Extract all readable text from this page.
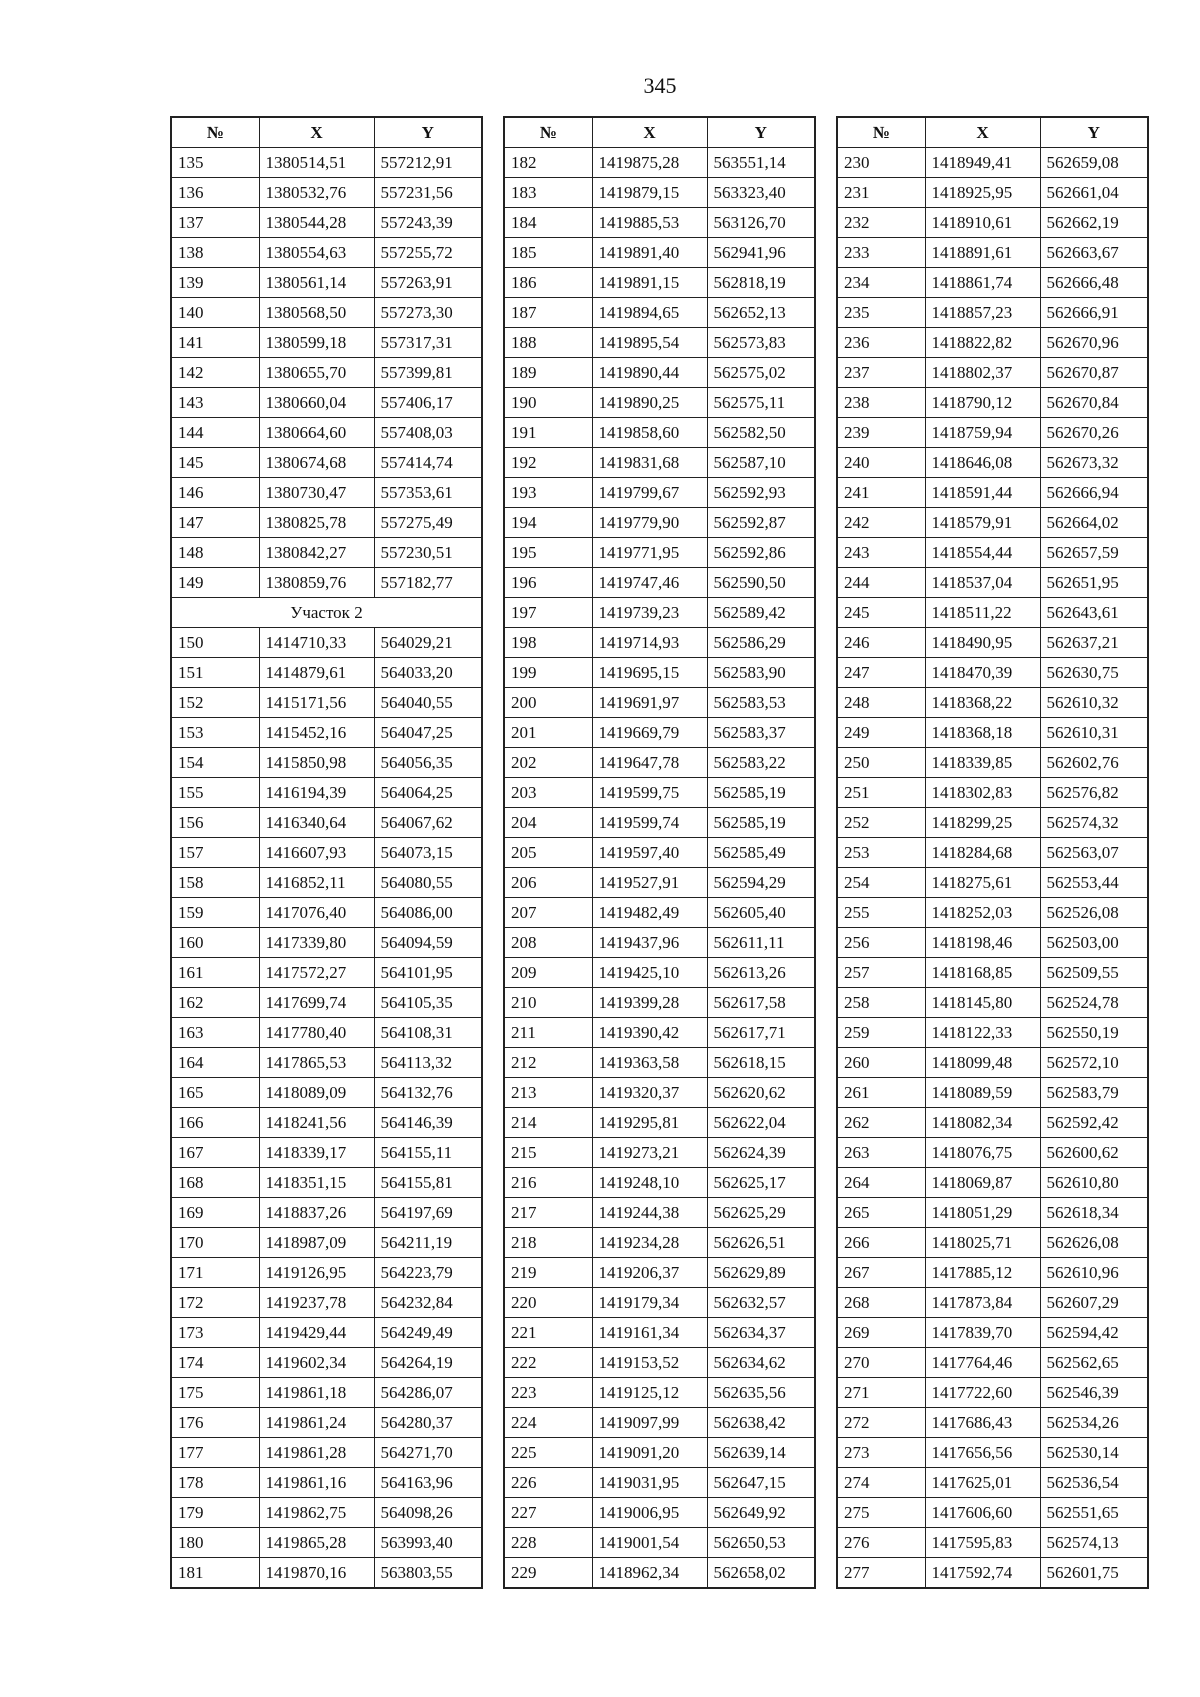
345
№	X	Y
135	1380514,51	557212,91
136	1380532,76	557231,56
137	1380544,28	557243,39
138	1380554,63	557255,72
139	1380561,14	557263,91
140	1380568,50	557273,30
141	1380599,18	557317,31
142	1380655,70	557399,81
143	1380660,04	557406,17
144	1380664,60	557408,03
145	1380674,68	557414,74
146	1380730,47	557353,61
147	1380825,78	557275,49
148	1380842,27	557230,51
149	1380859,76	557182,77
Участок 2		
150	1414710,33	564029,21
151	1414879,61	564033,20
152	1415171,56	564040,55
153	1415452,16	564047,25
154	1415850,98	564056,35
155	1416194,39	564064,25
156	1416340,64	564067,62
157	1416607,93	564073,15
158	1416852,11	564080,55
159	1417076,40	564086,00
160	1417339,80	564094,59
161	1417572,27	564101,95
162	1417699,74	564105,35
163	1417780,40	564108,31
164	1417865,53	564113,32
165	1418089,09	564132,76
166	1418241,56	564146,39
167	1418339,17	564155,11
168	1418351,15	564155,81
169	1418837,26	564197,69
170	1418987,09	564211,19
171	1419126,95	564223,79
172	1419237,78	564232,84
173	1419429,44	564249,49
174	1419602,34	564264,19
175	1419861,18	564286,07
176	1419861,24	564280,37
177	1419861,28	564271,70
178	1419861,16	564163,96
179	1419862,75	564098,26
180	1419865,28	563993,40
181	1419870,16	563803,55
№	X	Y
182	1419875,28	563551,14
183	1419879,15	563323,40
184	1419885,53	563126,70
185	1419891,40	562941,96
186	1419891,15	562818,19
187	1419894,65	562652,13
188	1419895,54	562573,83
189	1419890,44	562575,02
190	1419890,25	562575,11
191	1419858,60	562582,50
192	1419831,68	562587,10
193	1419799,67	562592,93
194	1419779,90	562592,87
195	1419771,95	562592,86
196	1419747,46	562590,50
197	1419739,23	562589,42
198	1419714,93	562586,29
199	1419695,15	562583,90
200	1419691,97	562583,53
201	1419669,79	562583,37
202	1419647,78	562583,22
203	1419599,75	562585,19
204	1419599,74	562585,19
205	1419597,40	562585,49
206	1419527,91	562594,29
207	1419482,49	562605,40
208	1419437,96	562611,11
209	1419425,10	562613,26
210	1419399,28	562617,58
211	1419390,42	562617,71
212	1419363,58	562618,15
213	1419320,37	562620,62
214	1419295,81	562622,04
215	1419273,21	562624,39
216	1419248,10	562625,17
217	1419244,38	562625,29
218	1419234,28	562626,51
219	1419206,37	562629,89
220	1419179,34	562632,57
221	1419161,34	562634,37
222	1419153,52	562634,62
223	1419125,12	562635,56
224	1419097,99	562638,42
225	1419091,20	562639,14
226	1419031,95	562647,15
227	1419006,95	562649,92
228	1419001,54	562650,53
229	1418962,34	562658,02
№	X	Y
230	1418949,41	562659,08
231	1418925,95	562661,04
232	1418910,61	562662,19
233	1418891,61	562663,67
234	1418861,74	562666,48
235	1418857,23	562666,91
236	1418822,82	562670,96
237	1418802,37	562670,87
238	1418790,12	562670,84
239	1418759,94	562670,26
240	1418646,08	562673,32
241	1418591,44	562666,94
242	1418579,91	562664,02
243	1418554,44	562657,59
244	1418537,04	562651,95
245	1418511,22	562643,61
246	1418490,95	562637,21
247	1418470,39	562630,75
248	1418368,22	562610,32
249	1418368,18	562610,31
250	1418339,85	562602,76
251	1418302,83	562576,82
252	1418299,25	562574,32
253	1418284,68	562563,07
254	1418275,61	562553,44
255	1418252,03	562526,08
256	1418198,46	562503,00
257	1418168,85	562509,55
258	1418145,80	562524,78
259	1418122,33	562550,19
260	1418099,48	562572,10
261	1418089,59	562583,79
262	1418082,34	562592,42
263	1418076,75	562600,62
264	1418069,87	562610,80
265	1418051,29	562618,34
266	1418025,71	562626,08
267	1417885,12	562610,96
268	1417873,84	562607,29
269	1417839,70	562594,42
270	1417764,46	562562,65
271	1417722,60	562546,39
272	1417686,43	562534,26
273	1417656,56	562530,14
274	1417625,01	562536,54
275	1417606,60	562551,65
276	1417595,83	562574,13
277	1417592,74	562601,75
